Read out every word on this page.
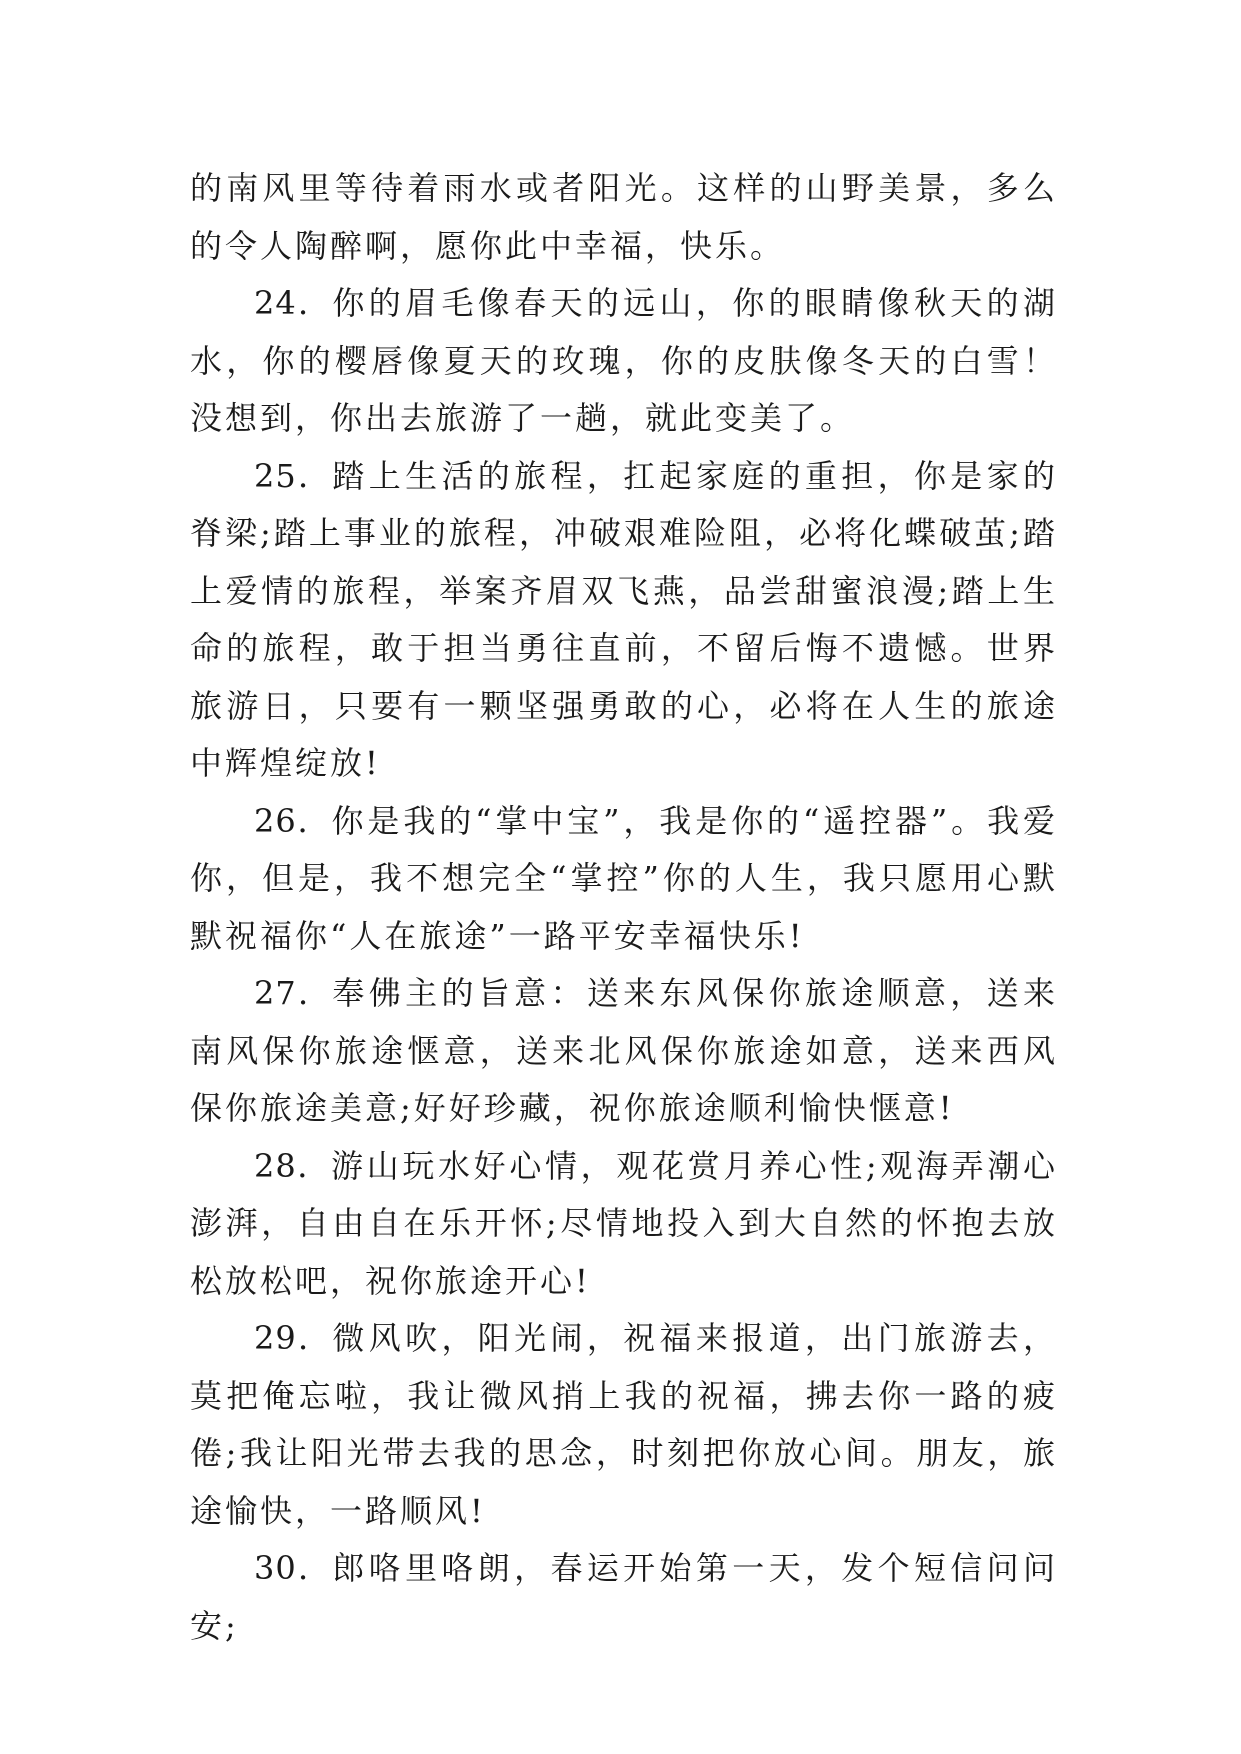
的南风里等待着雨水或者阳光。这样的山野美景，多么的令人陶醉啊，愿你此中幸福，快乐。

24．你的眉毛像春天的远山，你的眼睛像秋天的湖水，你的樱唇像夏天的玫瑰，你的皮肤像冬天的白雪！没想到，你出去旅游了一趟，就此变美了。

25．踏上生活的旅程，扛起家庭的重担，你是家的脊梁;踏上事业的旅程，冲破艰难险阻，必将化蝶破茧;踏上爱情的旅程，举案齐眉双飞燕，品尝甜蜜浪漫;踏上生命的旅程，敢于担当勇往直前，不留后悔不遗憾。世界旅游日，只要有一颗坚强勇敢的心，必将在人生的旅途中辉煌绽放!

26．你是我的“掌中宝”，我是你的“遥控器”。我爱你，但是，我不想完全“掌控”你的人生，我只愿用心默默祝福你“人在旅途”一路平安幸福快乐!

27．奉佛主的旨意：送来东风保你旅途顺意，送来南风保你旅途惬意，送来北风保你旅途如意，送来西风保你旅途美意;好好珍藏，祝你旅途顺利愉快惬意!

28．游山玩水好心情，观花赏月养心性;观海弄潮心澎湃，自由自在乐开怀;尽情地投入到大自然的怀抱去放松放松吧，祝你旅途开心!

29．微风吹，阳光闹，祝福来报道，出门旅游去，莫把俺忘啦，我让微风捎上我的祝福，拂去你一路的疲倦;我让阳光带去我的思念，时刻把你放心间。朋友，旅途愉快，一路顺风!

30．郎咯里咯朗，春运开始第一天，发个短信问问安;
